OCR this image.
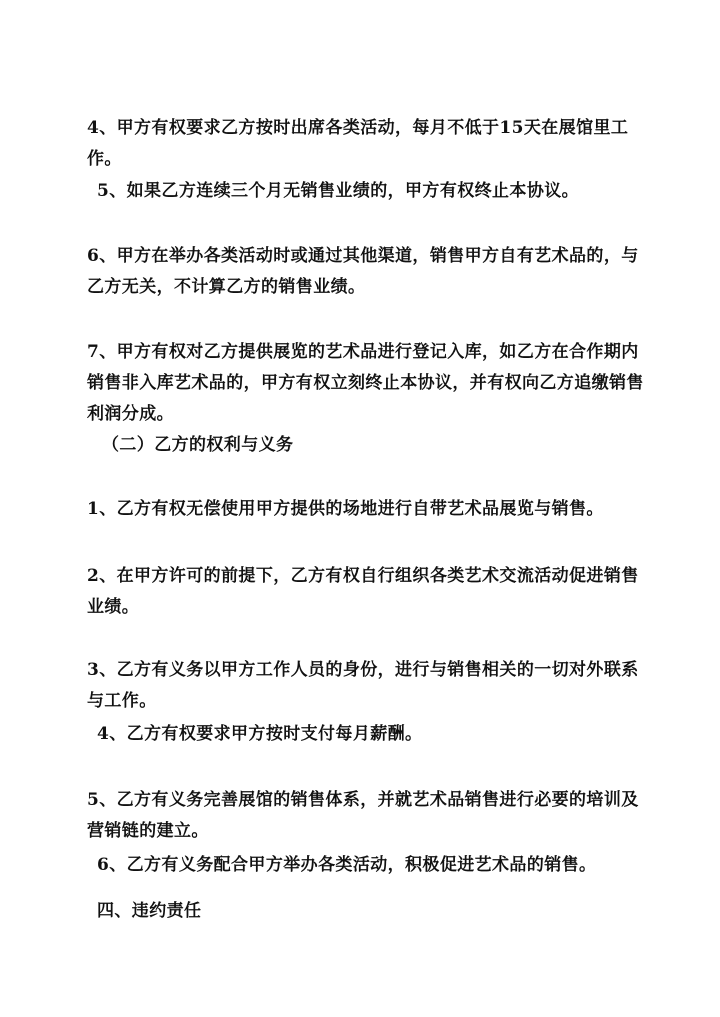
4、甲方有权要求乙方按时出席各类活动，每月不低于15天在展馆里工作。

5、如果乙方连续三个月无销售业绩的，甲方有权终止本协议。

6、甲方在举办各类活动时或通过其他渠道，销售甲方自有艺术品的，与乙方无关，不计算乙方的销售业绩。

7、甲方有权对乙方提供展览的艺术品进行登记入库，如乙方在合作期内销售非入库艺术品的，甲方有权立刻终止本协议，并有权向乙方追缴销售利润分成。

（二）乙方的权利与义务

1、乙方有权无偿使用甲方提供的场地进行自带艺术品展览与销售。

2、在甲方许可的前提下，乙方有权自行组织各类艺术交流活动促进销售业绩。

3、乙方有义务以甲方工作人员的身份，进行与销售相关的一切对外联系与工作。

4、乙方有权要求甲方按时支付每月薪酬。

5、乙方有义务完善展馆的销售体系，并就艺术品销售进行必要的培训及营销链的建立。

6、乙方有义务配合甲方举办各类活动，积极促进艺术品的销售。

四、违约责任
